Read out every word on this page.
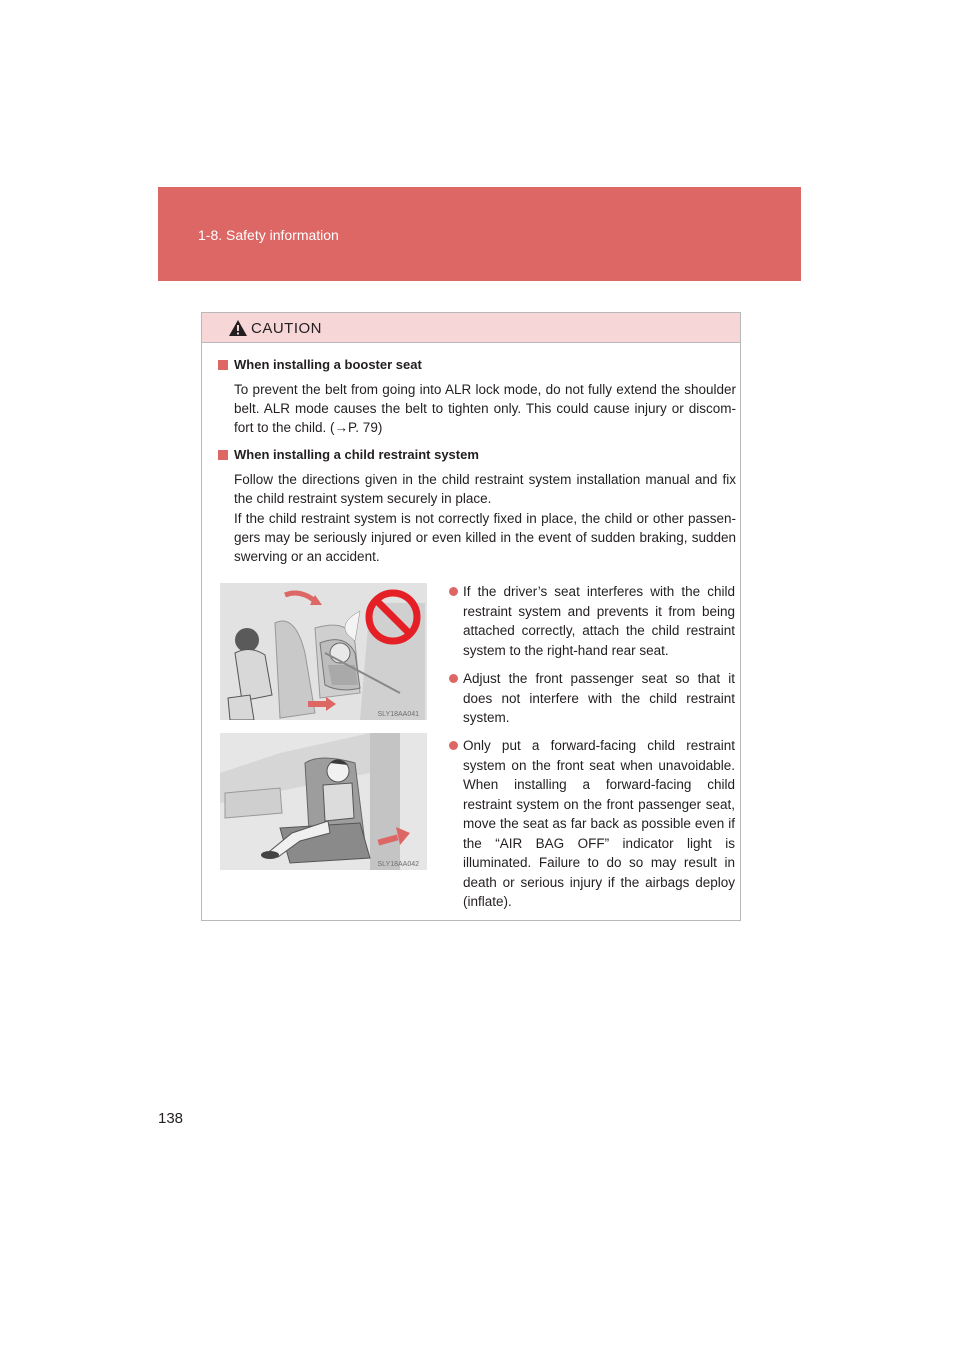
1-8. Safety information
CAUTION
When installing a booster seat
To prevent the belt from going into ALR lock mode, do not fully extend the shoulder belt. ALR mode causes the belt to tighten only. This could cause injury or discom-fort to the child. (→P. 79)
When installing a child restraint system
Follow the directions given in the child restraint system installation manual and fix the child restraint system securely in place.
If the child restraint system is not correctly fixed in place, the child or other passen-gers may be seriously injured or even killed in the event of sudden braking, sudden swerving or an accident.
SLY18AA041
SLY18AA042
If the driver’s seat interferes with the child restraint system and prevents it from being attached correctly, attach the child restraint system to the right-hand rear seat.
Adjust the front passenger seat so that it does not interfere with the child restraint system.
Only put a forward-facing child restraint system on the front seat when unavoidable. When installing a forward-facing child restraint system on the front passenger seat, move the seat as far back as possible even if the “AIR BAG OFF” indicator light is illuminated. Failure to do so may result in death or serious injury if the airbags deploy (inflate).
138
